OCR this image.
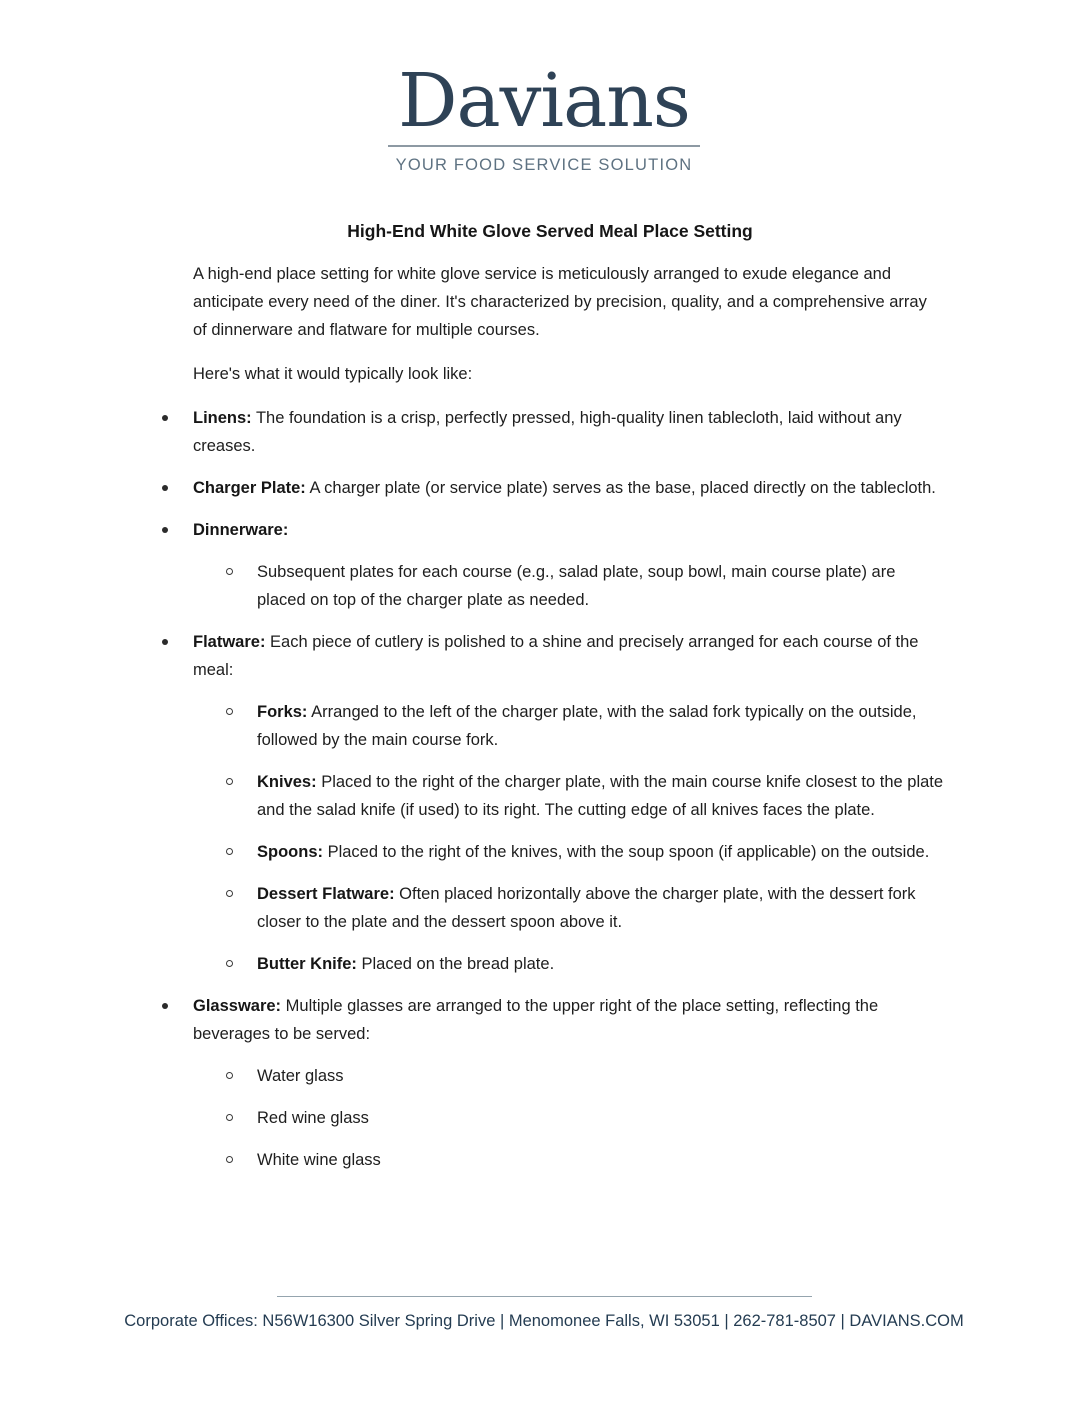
Davians
YOUR FOOD SERVICE SOLUTION
High-End White Glove Served Meal Place Setting
A high-end place setting for white glove service is meticulously arranged to exude elegance and anticipate every need of the diner. It's characterized by precision, quality, and a comprehensive array of dinnerware and flatware for multiple courses.
Here's what it would typically look like:
Linens: The foundation is a crisp, perfectly pressed, high-quality linen tablecloth, laid without any creases.
Charger Plate: A charger plate (or service plate) serves as the base, placed directly on the tablecloth.
Dinnerware:
Subsequent plates for each course (e.g., salad plate, soup bowl, main course plate) are placed on top of the charger plate as needed.
Flatware: Each piece of cutlery is polished to a shine and precisely arranged for each course of the meal:
Forks: Arranged to the left of the charger plate, with the salad fork typically on the outside, followed by the main course fork.
Knives: Placed to the right of the charger plate, with the main course knife closest to the plate and the salad knife (if used) to its right. The cutting edge of all knives faces the plate.
Spoons: Placed to the right of the knives, with the soup spoon (if applicable) on the outside.
Dessert Flatware: Often placed horizontally above the charger plate, with the dessert fork closer to the plate and the dessert spoon above it.
Butter Knife: Placed on the bread plate.
Glassware: Multiple glasses are arranged to the upper right of the place setting, reflecting the beverages to be served:
Water glass
Red wine glass
White wine glass
Corporate Offices: N56W16300 Silver Spring Drive | Menomonee Falls, WI 53051 | 262-781-8507 | DAVIANS.COM
